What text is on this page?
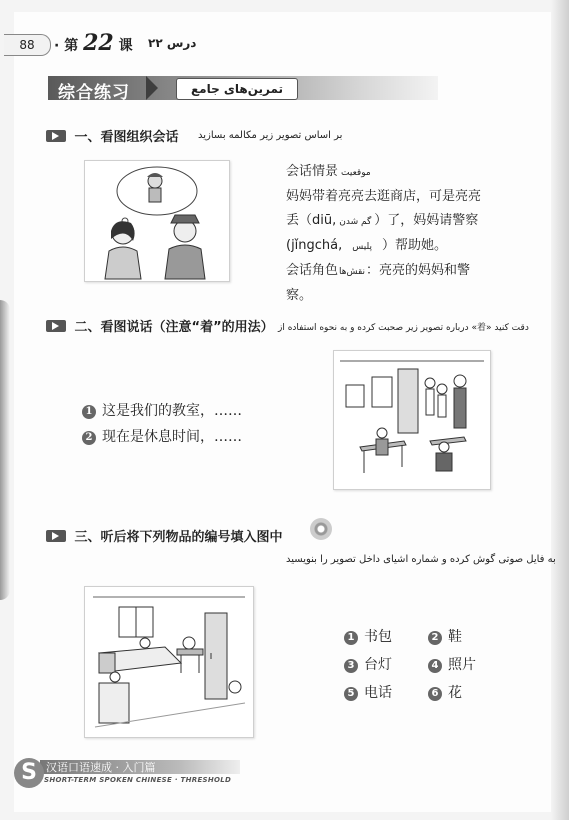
88	· 第 22 课 درس ۲۲
综合练习	تمرین‌های جامع
一、看图组织会话 بر اساس تصویر زیر مکالمه بسازید
会话情景 موقعیت
妈妈带着亮亮去逛商店，可是亮亮
丢（diū, گم شدن ）了，妈妈请警察
(jǐngchá, پلیس ）帮助她。
会话角色نقش‌ها：亮亮的妈妈和警察。
二、看图说话（注意“着”的用法） درباره تصویر زیر صحبت کرده و به نحوه استفاده از «着» دقت کنید
1 这是我们的教室，……
2 现在是休息时间，……
三、听后将下列物品的编号填入图中
به فایل صوتی گوش کرده و شماره اشیای داخل تصویر را بنویسید
1 书包	2 鞋
3 台灯	4 照片
5 电话	6 花
S 汉语口语速成 · 入门篇
SHORT-TERM SPOKEN CHINESE · THRESHOLD
